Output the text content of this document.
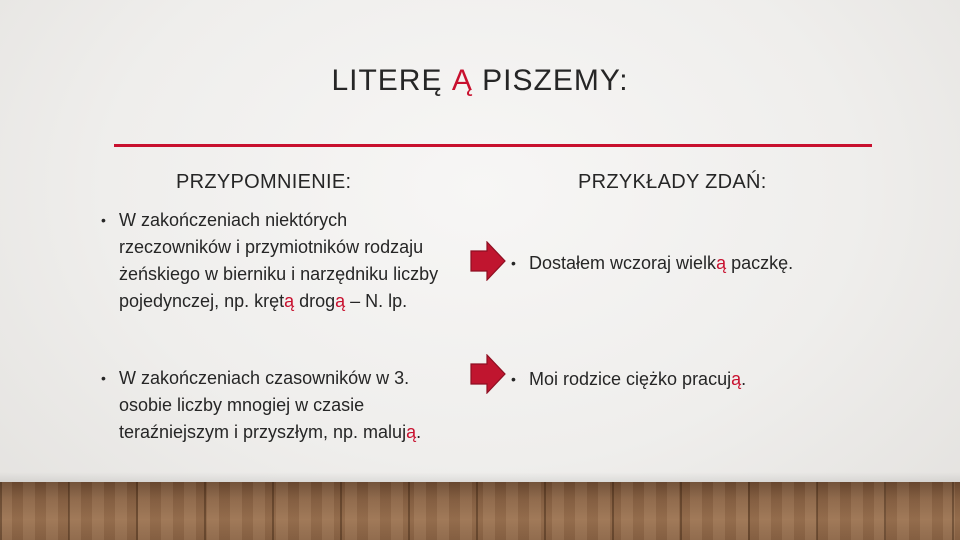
LITERĘ Ą PISZEMY:
PRZYPOMNIENIE:	PRZYKŁADY ZDAŃ:
• W zakończeniach niektórych rzeczowników i przymiotników rodzaju żeńskiego w bierniku i narzędniku liczby pojedynczej, np. krętą drogą – N. lp.
• W zakończeniach czasowników w 3. osobie liczby mnogiej w czasie teraźniejszym i przyszłym, np. malują.
• Dostałem wczoraj wielką paczkę.
• Moi rodzice ciężko pracują.
